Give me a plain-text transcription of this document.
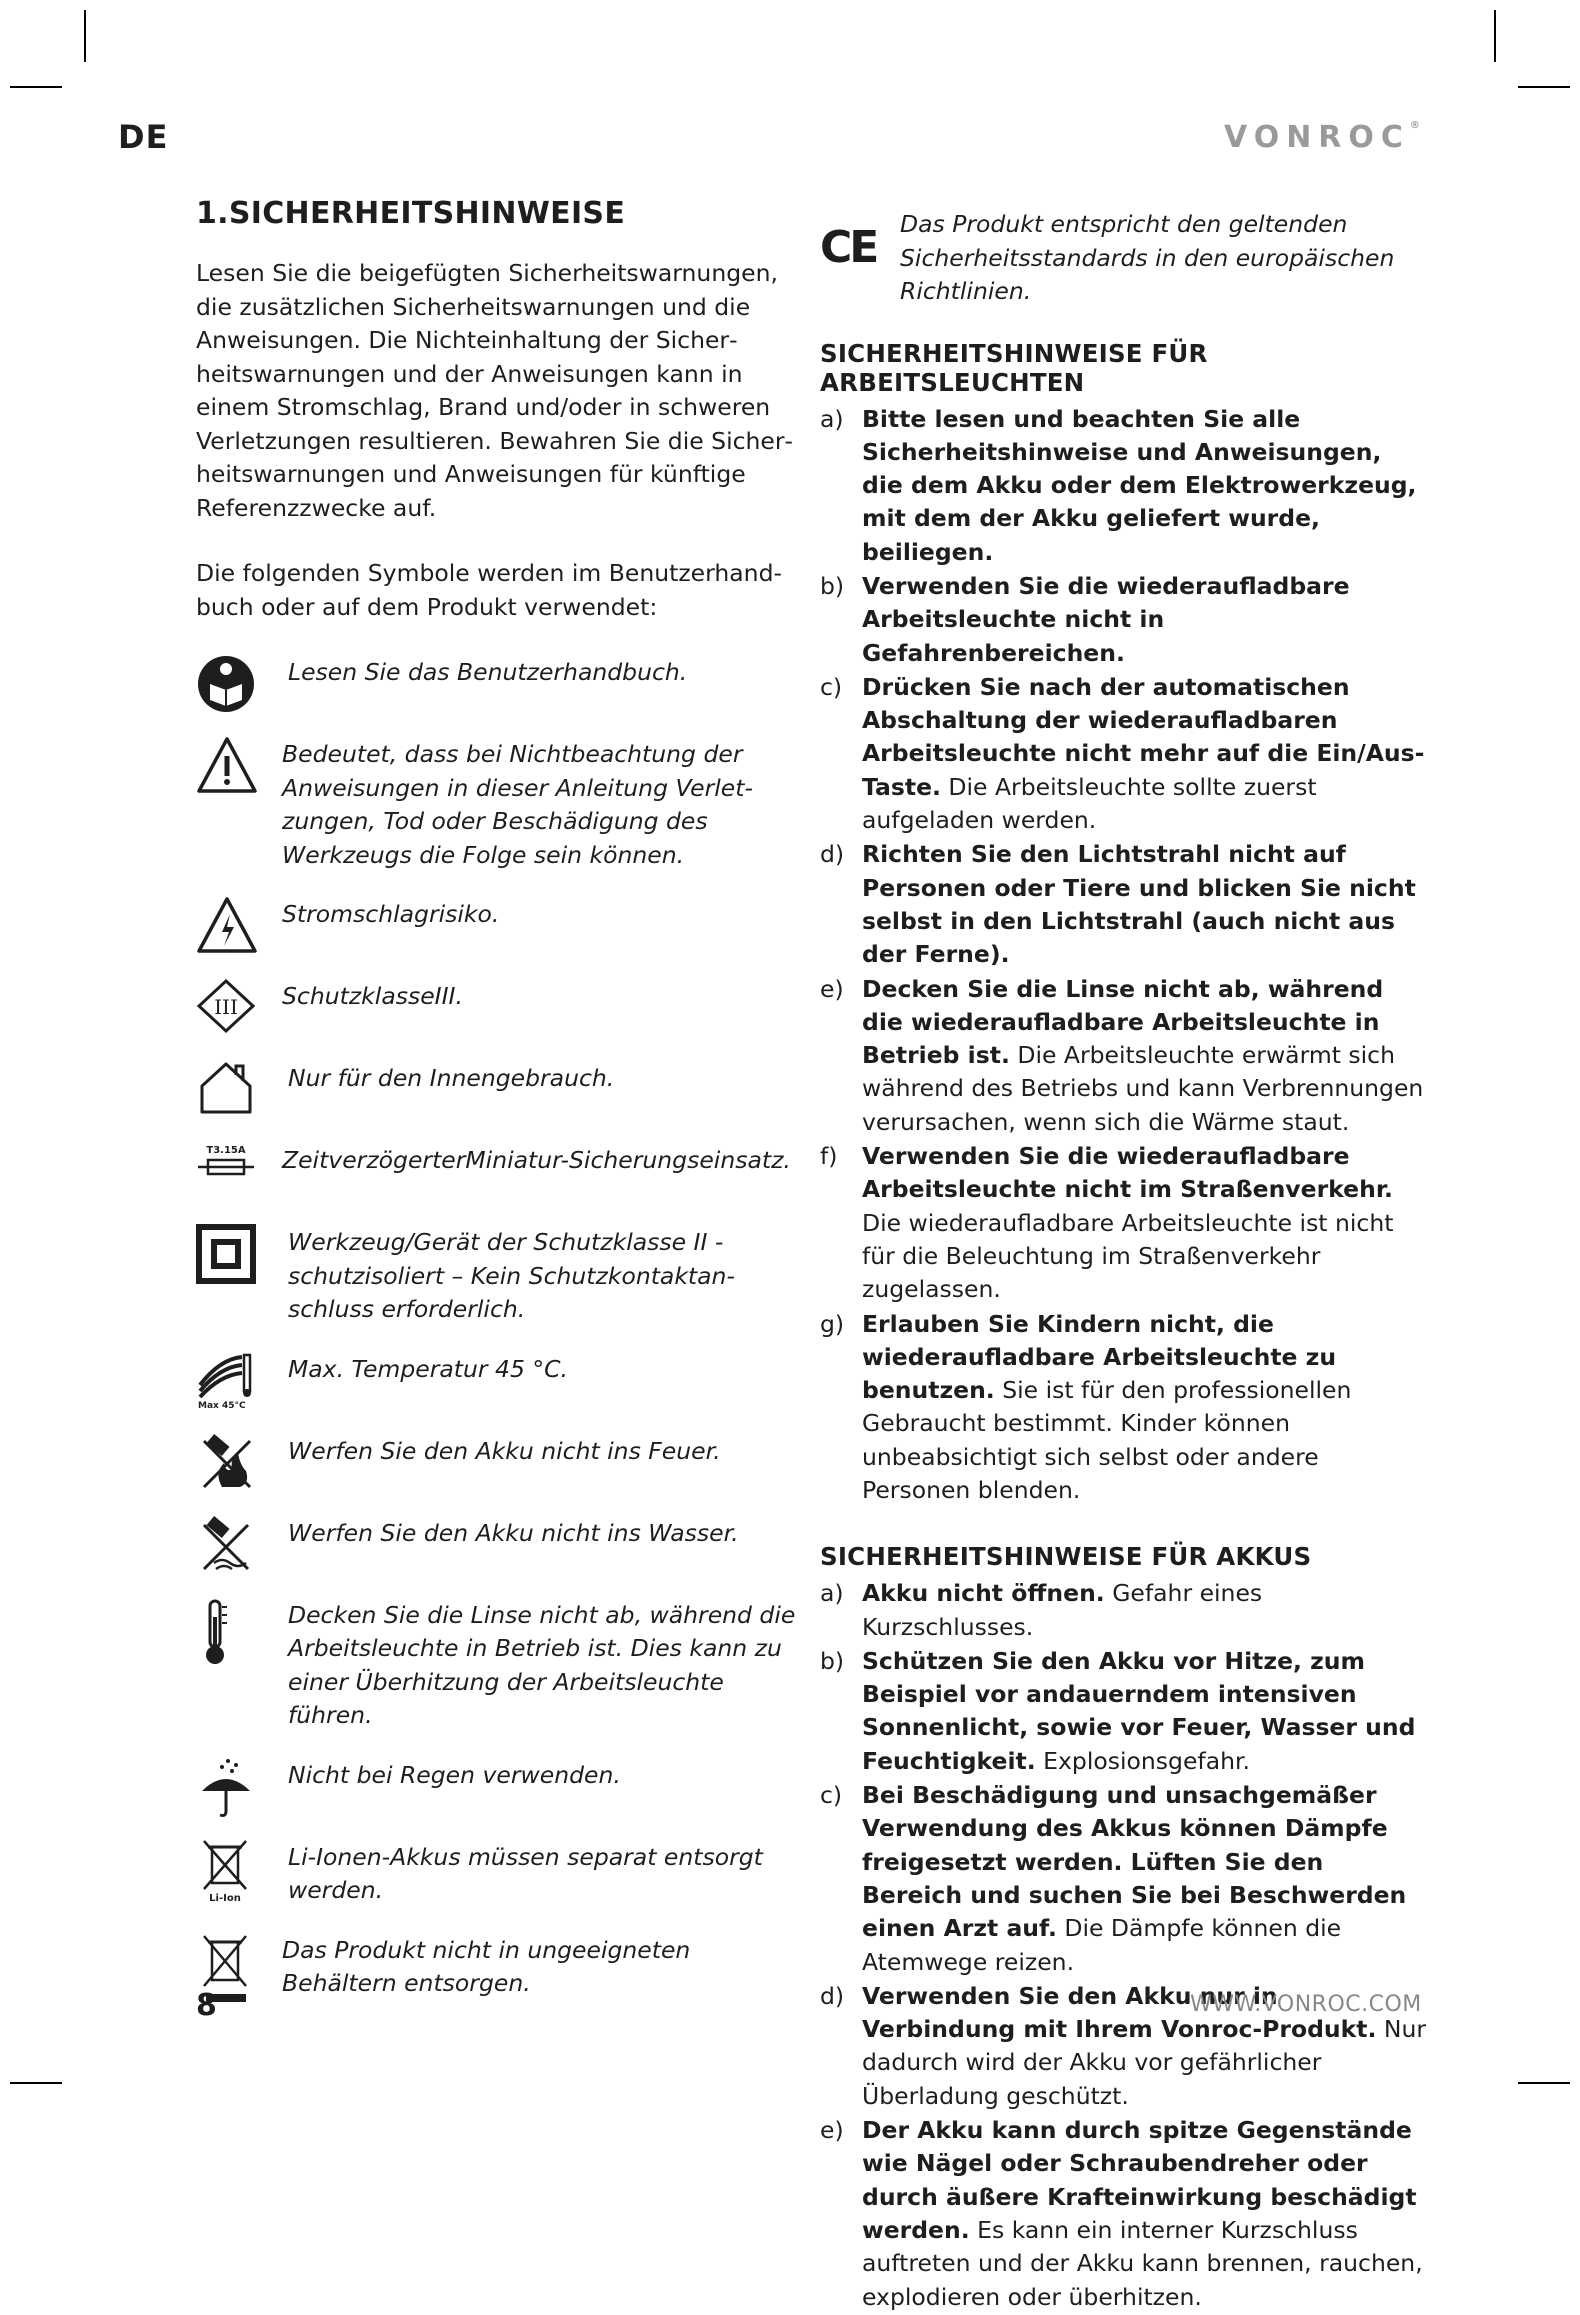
DE	VONROC®
1.SICHERHEITSHINWEISE

Lesen Sie die beigefügten Sicherheitswarnungen, die zusätzlichen Sicherheitswarnungen und die Anweisungen. Die Nichteinhaltung der Sicherheitswarnungen und der Anweisungen kann in einem Stromschlag, Brand und/oder in schweren Verletzungen resultieren. Bewahren Sie die Sicherheitswarnungen und Anweisungen für künftige Referenzzwecke auf.

Die folgenden Symbole werden im Benutzerhandbuch oder auf dem Produkt verwendet:

Lesen Sie das Benutzerhandbuch.
Bedeutet, dass bei Nichtbeachtung der Anweisungen in dieser Anleitung Verletzungen, Tod oder Beschädigung des Werkzeugs die Folge sein können.
Stromschlagrisiko.
III SchutzklasseIII.
Nur für den Innengebrauch.
T3.15A ZeitverzögerterMiniatur-Sicherungseinsatz.
Werkzeug/Gerät der Schutzklasse II - schutzisoliert – Kein Schutzkontaktanschluss erforderlich.
Max 45°C
Max. Temperatur 45 °C.
Werfen Sie den Akku nicht ins Feuer.
Werfen Sie den Akku nicht ins Wasser.
Decken Sie die Linse nicht ab, während die Arbeitsleuchte in Betrieb ist. Dies kann zu einer Überhitzung der Arbeitsleuchte führen.
Nicht bei Regen verwenden.
Li-Ion
Li-Ionen-Akkus müssen separat entsorgt werden.
Das Produkt nicht in ungeeigneten Behältern entsorgen.
CE	Das Produkt entspricht den geltenden Sicherheitsstandards in den europäischen Richtlinien.
SICHERHEITSHINWEISE FÜR ARBEITSLEUCHTEN
a) Bitte lesen und beachten Sie alle Sicherheitshinweise und Anweisungen, die dem Akku oder dem Elektrowerkzeug, mit dem der Akku geliefert wurde, beiliegen.
b) Verwenden Sie die wiederaufladbare Arbeitsleuchte nicht in Gefahrenbereichen.
c) Drücken Sie nach der automatischen Abschaltung der wiederaufladbaren Arbeitsleuchte nicht mehr auf die Ein/Aus-Taste. Die Arbeitsleuchte sollte zuerst aufgeladen werden.
d) Richten Sie den Lichtstrahl nicht auf Personen oder Tiere und blicken Sie nicht selbst in den Lichtstrahl (auch nicht aus der Ferne).
e) Decken Sie die Linse nicht ab, während die wiederaufladbare Arbeitsleuchte in Betrieb ist. Die Arbeitsleuchte erwärmt sich während des Betriebs und kann Verbrennungen verursachen, wenn sich die Wärme staut.
f)	Verwenden Sie die wiederaufladbare Arbeitsleuchte nicht im Straßenverkehr. Die wiederaufladbare Arbeitsleuchte ist nicht für die Beleuchtung im Straßenverkehr zugelassen.
g) Erlauben Sie Kindern nicht, die wiederaufladbare Arbeitsleuchte zu benutzen. Sie ist für den professionellen Gebraucht bestimmt. Kinder können unbeabsichtigt sich selbst oder andere Personen blenden.
SICHERHEITSHINWEISE FÜR AKKUS
a) Akku nicht öffnen. Gefahr eines Kurzschlusses.
b) Schützen Sie den Akku vor Hitze, zum Beispiel vor andauerndem intensiven Sonnenlicht, sowie vor Feuer, Wasser und Feuchtigkeit. Explosionsgefahr.
c) Bei Beschädigung und unsachgemäßer Verwendung des Akkus können Dämpfe freigesetzt werden. Lüften Sie den Bereich und suchen Sie bei Beschwerden einen Arzt auf. Die Dämpfe können die Atemwege reizen.
d) Verwenden Sie den Akku nur in Verbindung mit Ihrem Vonroc-Produkt. Nur dadurch wird der Akku vor gefährlicher Überladung geschützt.
e) Der Akku kann durch spitze Gegenstände wie Nägel oder Schraubendreher oder durch äußere Krafteinwirkung beschädigt werden. Es kann ein interner Kurzschluss auftreten und der Akku kann brennen, rauchen, explodieren oder überhitzen.
8	WWW.VONROC.COM
